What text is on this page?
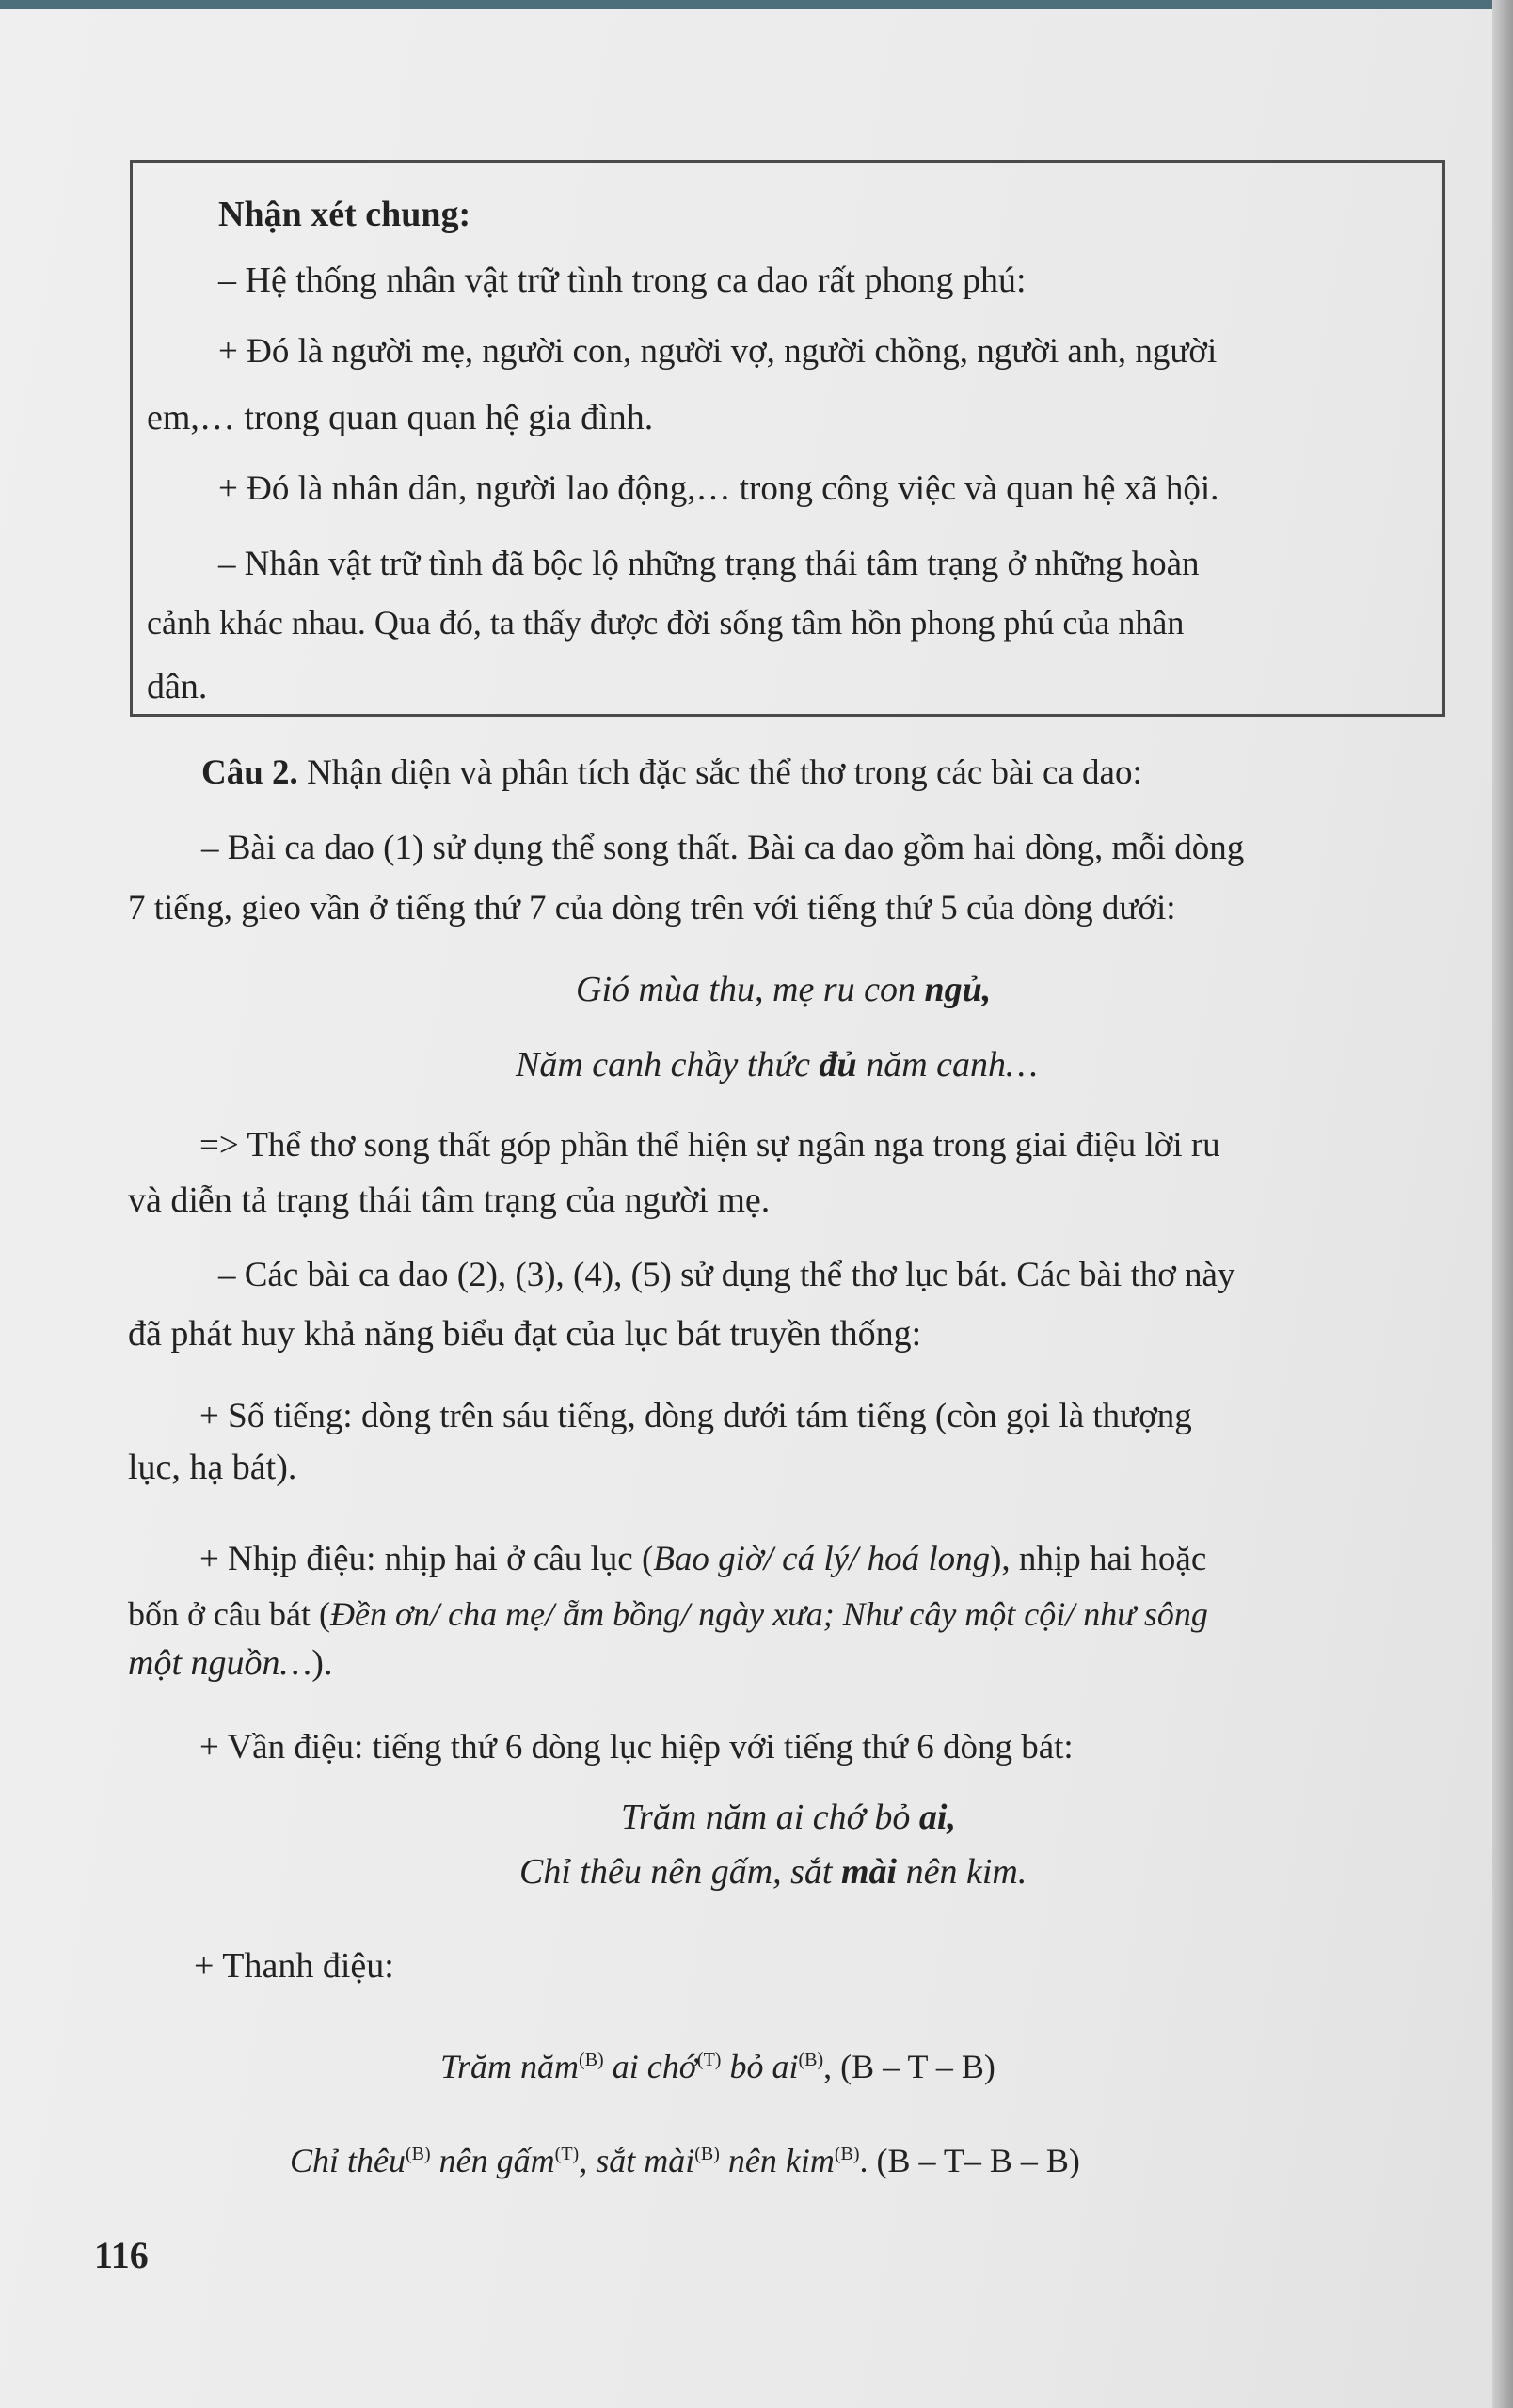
Nhận xét chung:
– Hệ thống nhân vật trữ tình trong ca dao rất phong phú:
+ Đó là người mẹ, người con, người vợ, người chồng, người anh, người
em,… trong quan quan hệ gia đình.
+ Đó là nhân dân, người lao động,… trong công việc và quan hệ xã hội.
– Nhân vật trữ tình đã bộc lộ những trạng thái tâm trạng ở những hoàn
cảnh khác nhau. Qua đó, ta thấy được đời sống tâm hồn phong phú của nhân
dân.
Câu 2. Nhận diện và phân tích đặc sắc thể thơ trong các bài ca dao:
– Bài ca dao (1) sử dụng thể song thất. Bài ca dao gồm hai dòng, mỗi dòng
7 tiếng, gieo vần ở tiếng thứ 7 của dòng trên với tiếng thứ 5 của dòng dưới:
Gió mùa thu, mẹ ru con ngủ,
Năm canh chầy thức đủ năm canh…
=> Thể thơ song thất góp phần thể hiện sự ngân nga trong giai điệu lời ru
và diễn tả trạng thái tâm trạng của người mẹ.
– Các bài ca dao (2), (3), (4), (5) sử dụng thể thơ lục bát. Các bài thơ này
đã phát huy khả năng biểu đạt của lục bát truyền thống:
+ Số tiếng: dòng trên sáu tiếng, dòng dưới tám tiếng (còn gọi là thượng
lục, hạ bát).
+ Nhịp điệu: nhịp hai ở câu lục (Bao giờ/ cá lý/ hoá long), nhịp hai hoặc
bốn ở câu bát (Đền ơn/ cha mẹ/ ẵm bồng/ ngày xưa; Như cây một cội/ như sông
một nguồn…).
+ Vần điệu: tiếng thứ 6 dòng lục hiệp với tiếng thứ 6 dòng bát:
Trăm năm ai chớ bỏ ai,
Chỉ thêu nên gấm, sắt mài nên kim.
+ Thanh điệu:
Trăm năm$^{(B)}$ ai chớ$^{(T)}$ bỏ $ai^{(B)}$, (B – T – B)
Chỉ thêu$^{(B)}$ nên gấm$^{(T)}$, sắt mài$^{(B)}$ nên kim$^{(B)}$. (B – T– B – B)
116
